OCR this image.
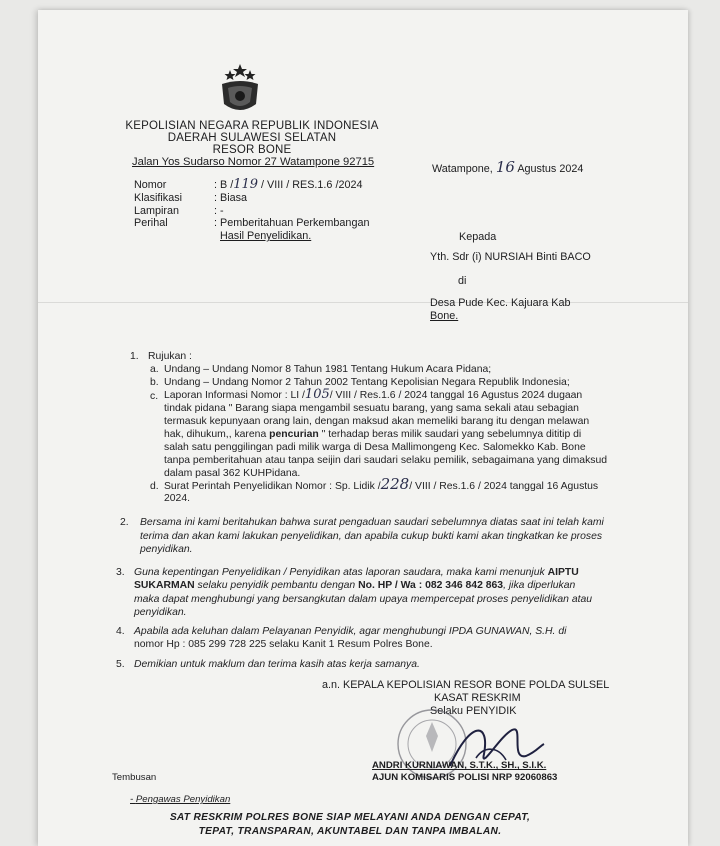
KEPOLISIAN NEGARA REPUBLIK INDONESIA
DAERAH SULAWESI SELATAN
RESOR BONE
Jalan Yos Sudarso Nomor 27 Watampone 92715
Watampone, 16 Agustus 2024
Nomor	: B /119 / VIII / RES.1.6 /2024
Klasifikasi	: Biasa
Lampiran	: -
Perihal	: Pemberitahuan Perkembangan
Hasil Penyelidikan.	Kepada
Yth. Sdr (i) NURSIAH Binti BACO
di
Desa Pude Kec. Kajuara Kab
Bone.
1. Rujukan :
a. Undang – Undang Nomor 8 Tahun 1981 Tentang Hukum Acara Pidana;
b. Undang – Undang Nomor 2 Tahun 2002 Tentang Kepolisian Negara Republik Indonesia;
c. Laporan Informasi Nomor : LI /105/ VIII / Res.1.6 / 2024 tanggal 16 Agustus 2024 dugaan
tindak pidana " Barang siapa mengambil sesuatu barang, yang sama sekali atau sebagian
termasuk kepunyaan orang lain, dengan maksud akan memeliki barang itu dengan melawan
hak, dihukum,, karena pencurian " terhadap beras milik saudari yang sebelumnya dititip di
salah satu penggilingan padi milik warga di Desa Mallimongeng Kec. Salomekko Kab. Bone
tanpa pemberitahuan atau tanpa seijin dari saudari selaku pemilik, sebagaimana yang dimaksud
dalam pasal 362 KUHPidana.
d. Surat Perintah Penyelidikan Nomor : Sp. Lidik /228/ VIII / Res.1.6 / 2024 tanggal 16 Agustus
2024.
2. Bersama ini kami beritahukan bahwa surat pengaduan saudari sebelumnya diatas saat ini telah kami
terima dan akan kami lakukan penyelidikan, dan apabila cukup bukti kami akan tingkatkan ke proses
penyidikan.
3. Guna kepentingan Penyelidikan / Penyidikan atas laporan saudara, maka kami menunjuk AIPTU
SUKARMAN selaku penyidik pembantu dengan No. HP / Wa : 082 346 842 863, jika diperlukan
maka dapat menghubungi yang bersangkutan dalam upaya mempercepat proses penyelidikan atau
penyidikan.
4. Apabila ada keluhan dalam Pelayanan Penyidik, agar menghubungi IPDA GUNAWAN, S.H. di
nomor Hp : 085 299 728 225 selaku Kanit 1 Resum Polres Bone.
5. Demikian untuk maklum dan terima kasih atas kerja samanya.
a.n. KEPALA KEPOLISIAN RESOR BONE POLDA SULSEL
KASAT RESKRIM
Selaku PENYIDIK
ANDRI KURNIAWAN, S.T.K., SH., S.I.K.
AJUN KOMISARIS POLISI NRP 92060863
Tembusan
- Pengawas Penyidikan
SAT RESKRIM POLRES BONE SIAP MELAYANI ANDA DENGAN CEPAT,
TEPAT, TRANSPARAN, AKUNTABEL DAN TANPA IMBALAN.
